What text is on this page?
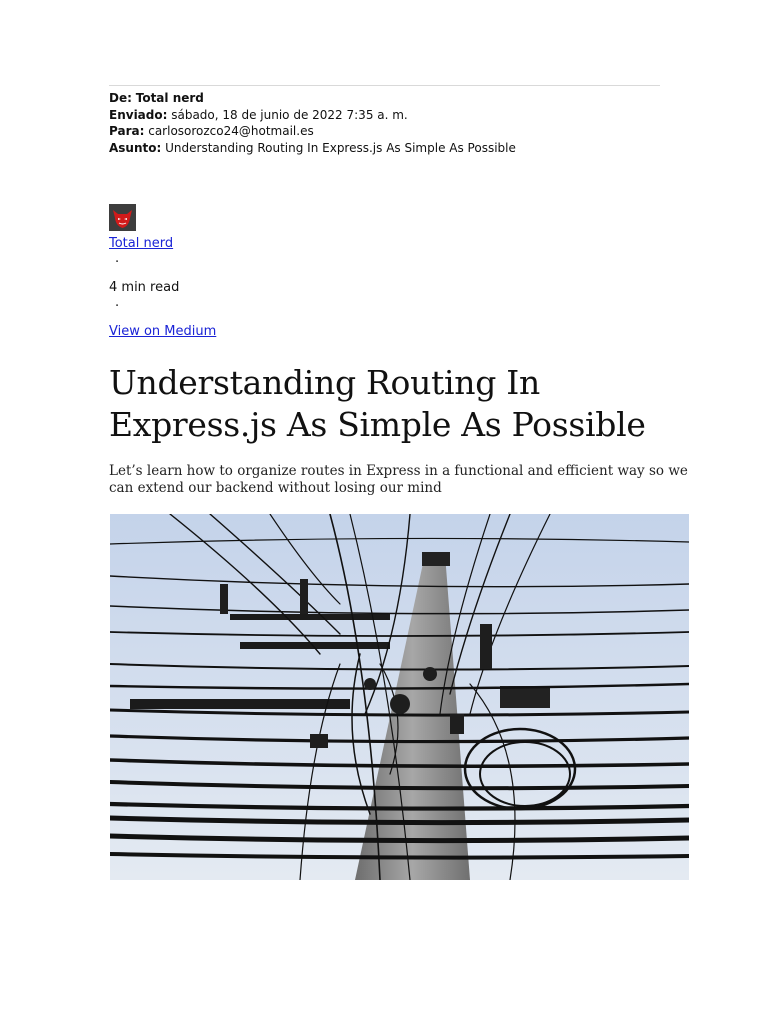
De: Total nerd
Enviado: sábado, 18 de junio de 2022 7:35 a. m.
Para: carlosorozco24@hotmail.es
Asunto: Understanding Routing In Express.js As Simple As Possible
Total nerd
·
4 min read
·
View on Medium
Understanding Routing In Express.js As Simple As Possible

Let’s learn how to organize routes in Express in a functional and efficient way so we can extend our backend without losing our mind
